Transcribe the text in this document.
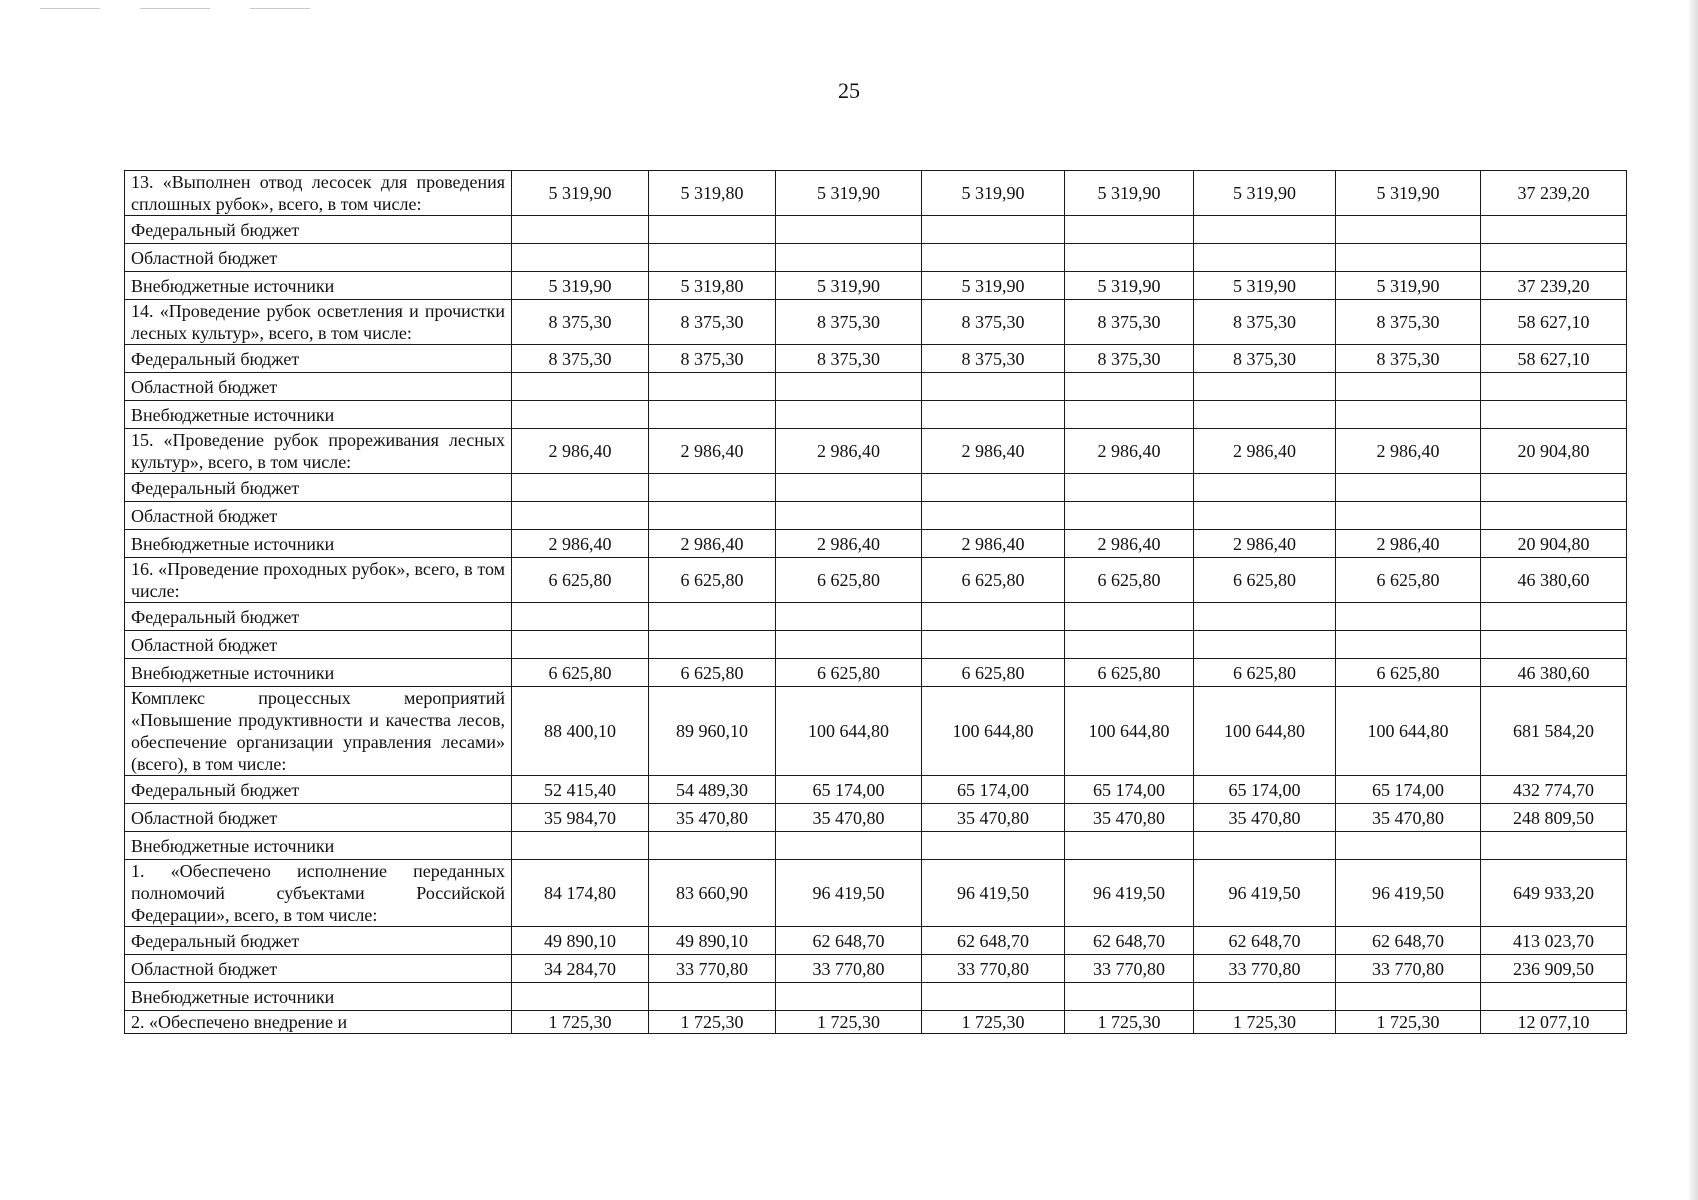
25
13. «Выполнен отвод лесосек для проведения сплошных рубок», всего, в том числе:	5 319,90	5 319,80	5 319,90	5 319,90	5 319,90	5 319,90	5 319,90	37 239,20
Федеральный бюджет								
Областной бюджет								
Внебюджетные источники	5 319,90	5 319,80	5 319,90	5 319,90	5 319,90	5 319,90	5 319,90	37 239,20
14. «Проведение рубок осветления и прочистки лесных культур», всего, в том числе:	8 375,30	8 375,30	8 375,30	8 375,30	8 375,30	8 375,30	8 375,30	58 627,10
Федеральный бюджет	8 375,30	8 375,30	8 375,30	8 375,30	8 375,30	8 375,30	8 375,30	58 627,10
Областной бюджет								
Внебюджетные источники								
15. «Проведение рубок прореживания лесных культур», всего, в том числе:	2 986,40	2 986,40	2 986,40	2 986,40	2 986,40	2 986,40	2 986,40	20 904,80
Федеральный бюджет								
Областной бюджет								
Внебюджетные источники	2 986,40	2 986,40	2 986,40	2 986,40	2 986,40	2 986,40	2 986,40	20 904,80
16. «Проведение проходных рубок», всего, в том числе:	6 625,80	6 625,80	6 625,80	6 625,80	6 625,80	6 625,80	6 625,80	46 380,60
Федеральный бюджет								
Областной бюджет								
Внебюджетные источники	6 625,80	6 625,80	6 625,80	6 625,80	6 625,80	6 625,80	6 625,80	46 380,60
Комплекс процессных мероприятий «Повышение продуктивности и качества лесов, обеспечение организации управления лесами» (всего), в том числе:	88 400,10	89 960,10	100 644,80	100 644,80	100 644,80	100 644,80	100 644,80	681 584,20
Федеральный бюджет	52 415,40	54 489,30	65 174,00	65 174,00	65 174,00	65 174,00	65 174,00	432 774,70
Областной бюджет	35 984,70	35 470,80	35 470,80	35 470,80	35 470,80	35 470,80	35 470,80	248 809,50
Внебюджетные источники								
1. «Обеспечено исполнение переданных полномочий субъектами Российской Федерации», всего, в том числе:	84 174,80	83 660,90	96 419,50	96 419,50	96 419,50	96 419,50	96 419,50	649 933,20
Федеральный бюджет	49 890,10	49 890,10	62 648,70	62 648,70	62 648,70	62 648,70	62 648,70	413 023,70
Областной бюджет	34 284,70	33 770,80	33 770,80	33 770,80	33 770,80	33 770,80	33 770,80	236 909,50
Внебюджетные источники								
2. «Обеспечено внедрение и	1 725,30	1 725,30	1 725,30	1 725,30	1 725,30	1 725,30	1 725,30	12 077,10
